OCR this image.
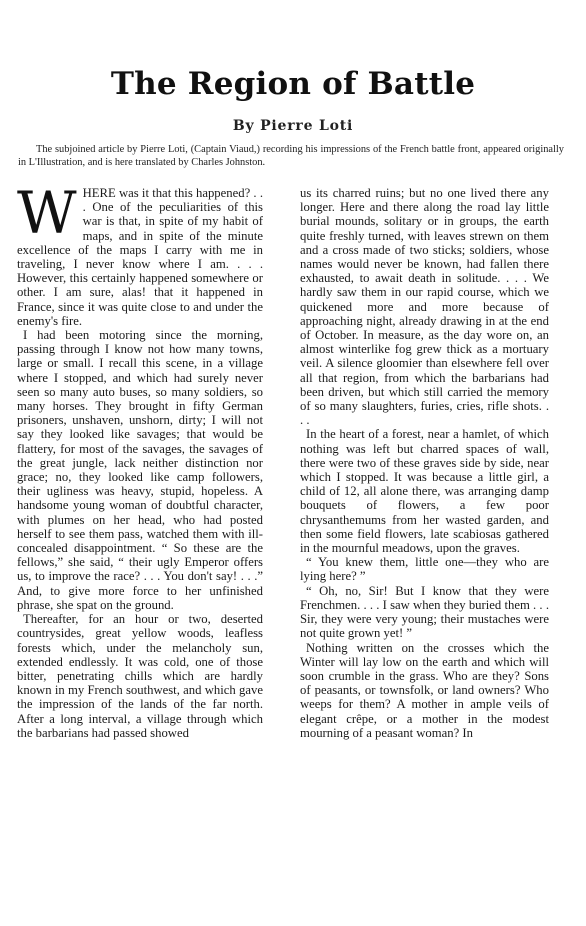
The Region of Battle
By Pierre Loti
The subjoined article by Pierre Loti, (Captain Viaud,) recording his impressions of the French battle front, appeared originally in L'Illustration, and is here translated by Charles Johnston.

WHERE was it that this happened? . . . One of the peculiarities of this war is that, in spite of my habit of maps, and in spite of the minute excellence of the maps I carry with me in traveling, I never know where I am. . . . However, this certainly happened somewhere or other. I am sure, alas! that it happened in France, since it was quite close to and under the enemy's fire.

I had been motoring since the morning, passing through I know not how many towns, large or small. I recall this scene, in a village where I stopped, and which had surely never seen so many auto buses, so many soldiers, so many horses. They brought in fifty German prisoners, unshaven, unshorn, dirty; I will not say they looked like savages; that would be flattery, for most of the savages, the savages of the great jungle, lack neither distinction nor grace; no, they looked like camp followers, their ugliness was heavy, stupid, hopeless. A handsome young woman of doubtful character, with plumes on her head, who had posted herself to see them pass, watched them with ill-concealed disappointment. “ So these are the fellows,” she said, “ their ugly Emperor offers us, to improve the race? . . . You don't say! . . .” And, to give more force to her unfinished phrase, she spat on the ground.

Thereafter, for an hour or two, deserted countrysides, great yellow woods, leafless forests which, under the melancholy sun, extended endlessly. It was cold, one of those bitter, penetrating chills which are hardly known in my French southwest, and which gave the impression of the lands of the far north. After a long interval, a village through which the barbarians had passed showed

us its charred ruins; but no one lived there any longer. Here and there along the road lay little burial mounds, solitary or in groups, the earth quite freshly turned, with leaves strewn on them and a cross made of two sticks; soldiers, whose names would never be known, had fallen there exhausted, to await death in solitude. . . . We hardly saw them in our rapid course, which we quickened more and more because of approaching night, already drawing in at the end of October. In measure, as the day wore on, an almost winterlike fog grew thick as a mortuary veil. A silence gloomier than elsewhere fell over all that region, from which the barbarians had been driven, but which still carried the memory of so many slaughters, furies, cries, rifle shots. . . .

In the heart of a forest, near a hamlet, of which nothing was left but charred spaces of wall, there were two of these graves side by side, near which I stopped. It was because a little girl, a child of 12, all alone there, was arranging damp bouquets of flowers, a few poor chrysanthemums from her wasted garden, and then some field flowers, late scabiosas gathered in the mournful meadows, upon the graves.

“ You knew them, little one—they who are lying here? ”

“ Oh, no, Sir! But I know that they were Frenchmen. . . . I saw when they buried them . . . Sir, they were very young; their mustaches were not quite grown yet! ”

Nothing written on the crosses which the Winter will lay low on the earth and which will soon crumble in the grass. Who are they? Sons of peasants, or townsfolk, or land owners? Who weeps for them? A mother in ample veils of elegant crêpe, or a mother in the modest mourning of a peasant woman? In
